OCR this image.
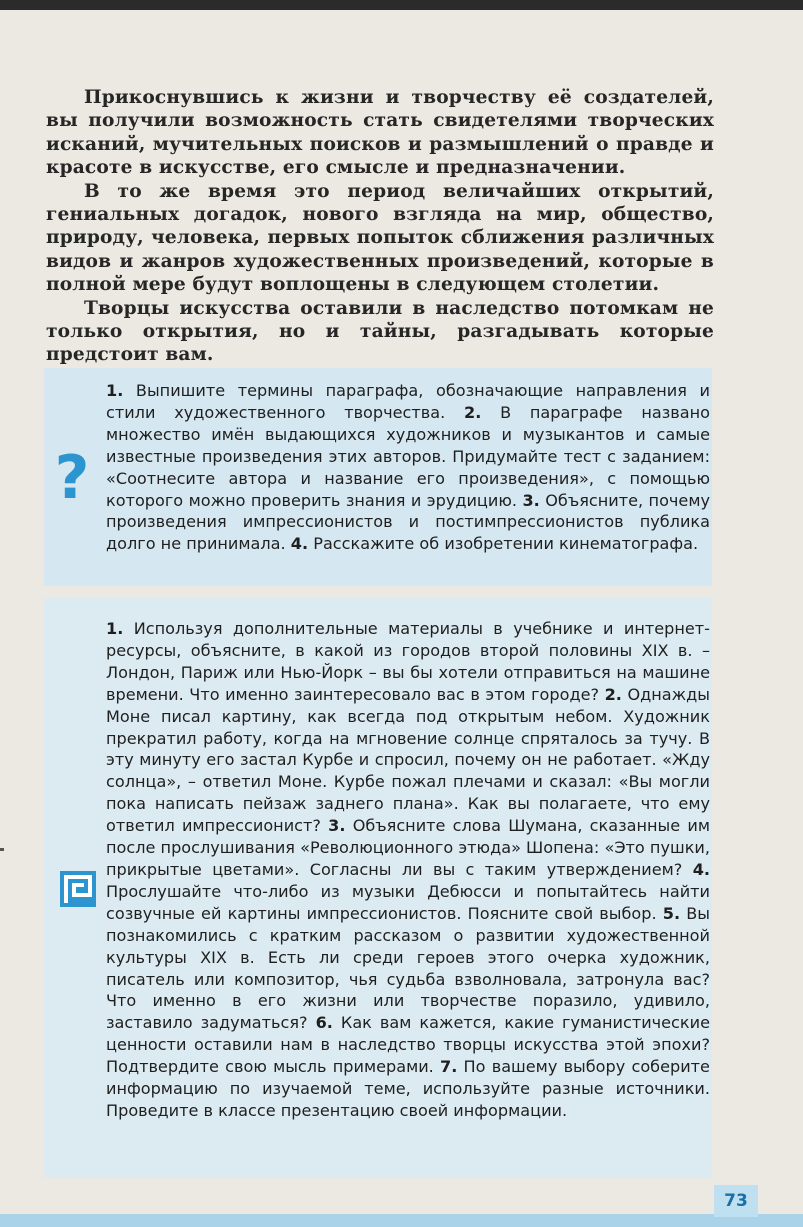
Прикоснувшись к жизни и творчеству её создателей, вы получили возможность стать свидетелями творческих исканий, мучительных поисков и размышлений о правде и красоте в искусстве, его смысле и предназначении.

В то же время это период величайших открытий, гениальных догадок, нового взгляда на мир, общество, природу, человека, первых попыток сближения различных видов и жанров художественных произведений, которые в полной мере будут воплощены в следующем столетии.

Творцы искусства оставили в наследство потомкам не только открытия, но и тайны, разгадывать которые предстоит вам.

?
1. Выпишите термины параграфа, обозначающие направления и стили художественного творчества. 2. В параграфе названо множество имён выдающихся художников и музыкантов и самые известные произведения этих авторов. Придумайте тест с заданием: «Соотнесите автора и название его произведения», с помощью которого можно проверить знания и эрудицию. 3. Объясните, почему произведения импрессионистов и постимпрессионистов публика долго не принимала. 4. Расскажите об изобретении кинематографа.
1. Используя дополнительные материалы в учебнике и интернет-ресурсы, объясните, в какой из городов второй половины XIX в. – Лондон, Париж или Нью-Йорк – вы бы хотели отправиться на машине времени. Что именно заинтересовало вас в этом городе? 2. Однажды Моне писал картину, как всегда под открытым небом. Художник прекратил работу, когда на мгновение солнце спряталось за тучу. В эту минуту его застал Курбе и спросил, почему он не работает. «Жду солнца», – ответил Моне. Курбе пожал плечами и сказал: «Вы могли пока написать пейзаж заднего плана». Как вы полагаете, что ему ответил импрессионист? 3. Объясните слова Шумана, сказанные им после прослушивания «Революционного этюда» Шопена: «Это пушки, прикрытые цветами». Согласны ли вы с таким утверждением? 4. Прослушайте что-либо из музыки Дебюсси и попытайтесь найти созвучные ей картины импрессионистов. Поясните свой выбор. 5. Вы познакомились с кратким рассказом о развитии художественной культуры XIX в. Есть ли среди героев этого очерка художник, писатель или композитор, чья судьба взволновала, затронула вас? Что именно в его жизни или творчестве поразило, удивило, заставило задуматься? 6. Как вам кажется, какие гуманистические ценности оставили нам в наследство творцы искусства этой эпохи? Подтвердите свою мысль примерами. 7. По вашему выбору соберите информацию по изучаемой теме, используйте разные источники. Проведите в классе презентацию своей информации.
73
